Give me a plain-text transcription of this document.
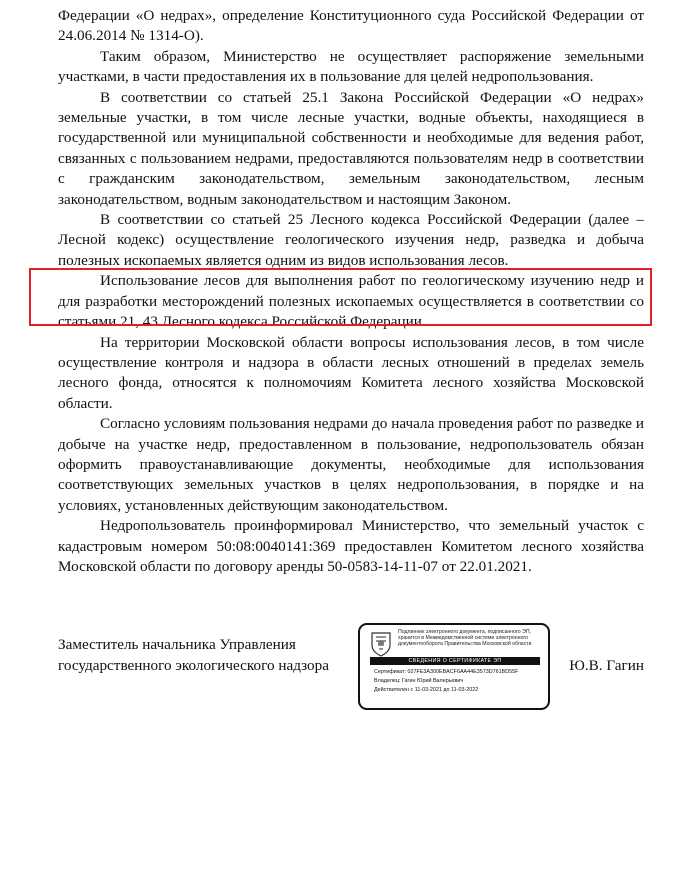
Федерации «О недрах», определение Конституционного суда Российской Федерации от 24.06.2014 № 1314-О).

Таким образом, Министерство не осуществляет распоряжение земельными участками, в части предоставления их в пользование для целей недропользования.

В соответствии со статьей 25.1 Закона Российской Федерации «О недрах» земельные участки, в том числе лесные участки, водные объекты, находящиеся в государственной или муниципальной собственности и необходимые для ведения работ, связанных с пользованием недрами, предоставляются пользователям недр в соответствии с гражданским законодательством, земельным законодательством, лесным законодательством, водным законодательством и настоящим Законом.

В соответствии со статьей 25 Лесного кодекса Российской Федерации (далее – Лесной кодекс) осуществление геологического изучения недр, разведка и добыча полезных ископаемых является одним из видов использования лесов.

Использование лесов для выполнения работ по геологическому изучению недр и для разработки месторождений полезных ископаемых осуществляется в соответствии со статьями 21, 43 Лесного кодекса Российской Федерации.

На территории Московской области вопросы использования лесов, в том числе осуществление контроля и надзора в области лесных отношений в пределах земель лесного фонда, относятся к полномочиям Комитета лесного хозяйства Московской области.

Согласно условиям пользования недрами до начала проведения работ по разведке и добыче на участке недр, предоставленном в пользование, недропользователь обязан оформить правоустанавливающие документы, необходимые для использования соответствующих земельных участков в целях недропользования, в порядке и на условиях, установленных действующим законодательством.

Недропользователь проинформировал Министерство, что земельный участок с кадастровым номером 50:08:0040141:369 предоставлен Комитетом лесного хозяйства Московской области по договору аренды 50-0583-14-11-07 от 22.01.2021.

Заместитель начальника Управления
государственного экологического надзора
Подлинник электронного документа, подписанного ЭП, хранится в Межведомственной системе электронного документооборота Правительства Московской области
СВЕДЕНИЯ О СЕРТИФИКАТЕ ЭП
Сертификат: 027FE3A300EBACF6AA44E3573D761BD55F
Владелец: Гагин Юрий Валерьевич
Действителен с 11-03-2021 до 11-03-2022
Ю.В. Гагин
